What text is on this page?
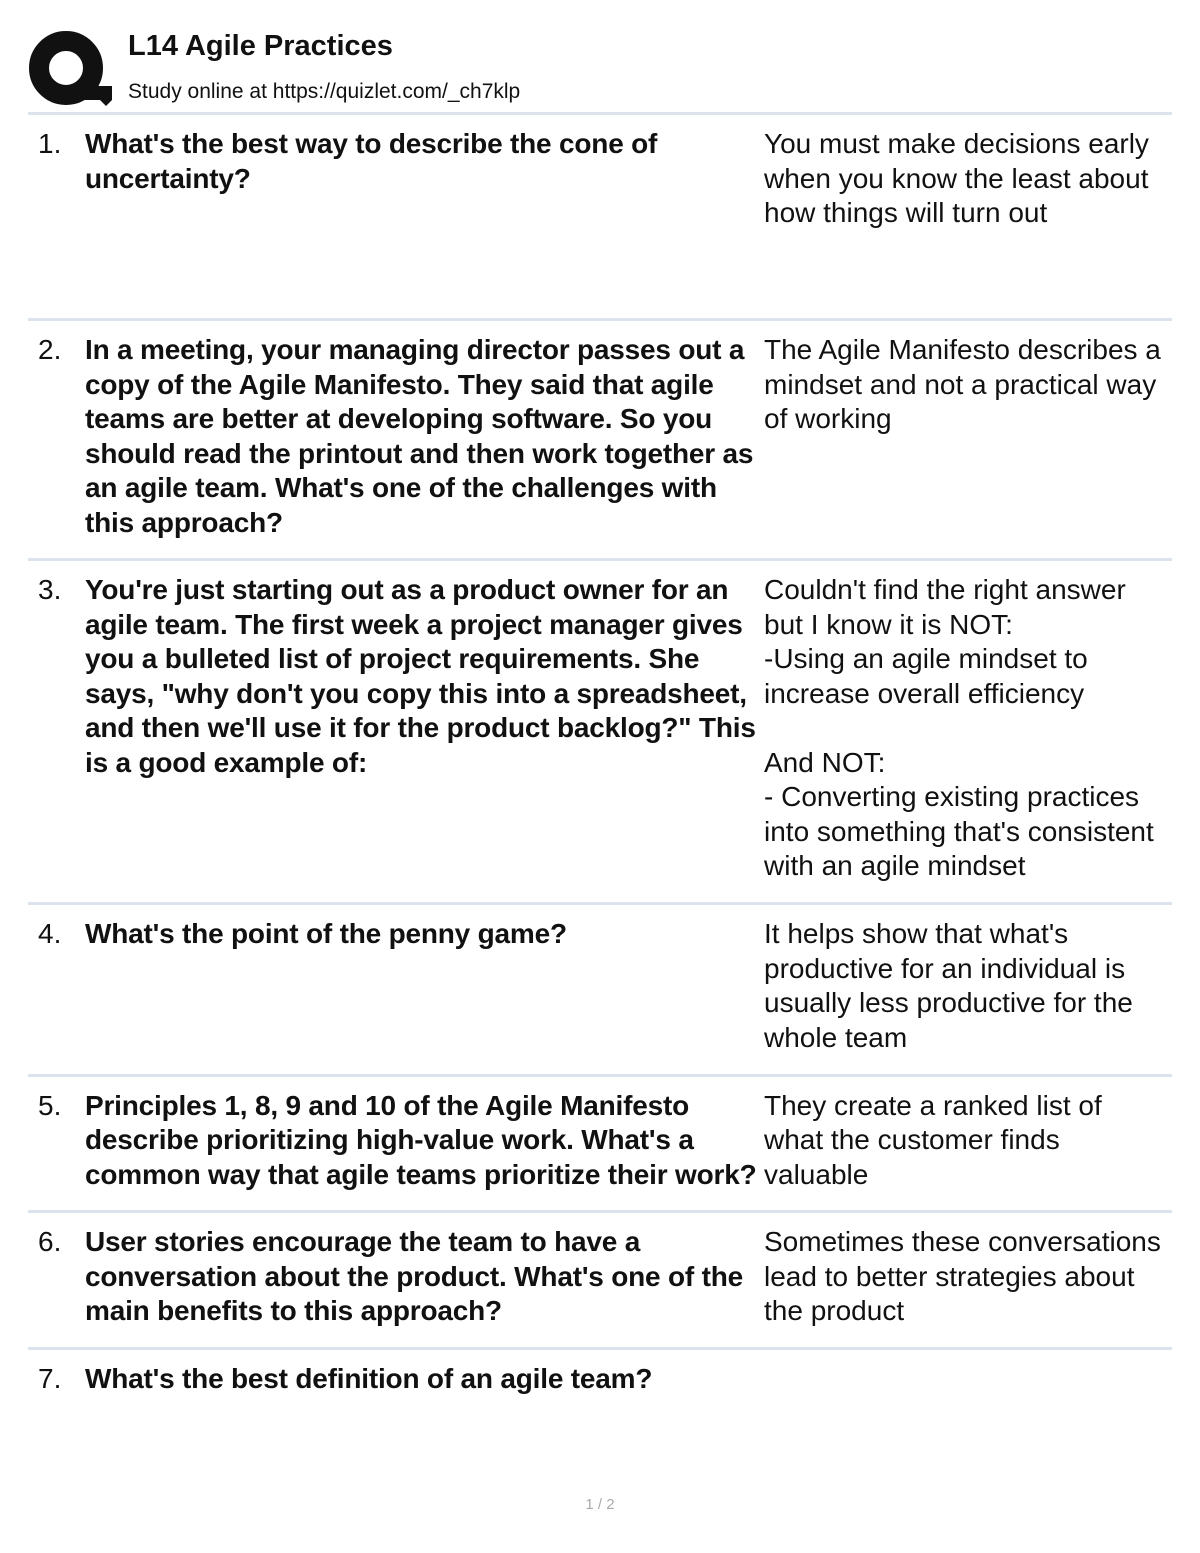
L14 Agile Practices
Study online at https://quizlet.com/_ch7klp
1. What's the best way to describe the cone of uncertainty?
You must make decisions early when you know the least about how things will turn out
2. In a meeting, your managing director passes out a copy of the Agile Manifesto. They said that agile teams are better at developing software. So you should read the printout and then work together as an agile team. What's one of the challenges with this approach?
The Agile Manifesto describes a mindset and not a practical way of working
3. You're just starting out as a product owner for an agile team. The first week a project manager gives you a bulleted list of project requirements. She says, "why don't you copy this into a spreadsheet, and then we'll use it for the product backlog?" This is a good example of:
Couldn't find the right answer but I know it is NOT:
-Using an agile mindset to increase overall efficiency

And NOT:
- Converting existing practices into something that's consistent with an agile mindset
4. What's the point of the penny game?	It helps show that what's productive for an individual is usually less productive for the whole team
5. Principles 1, 8, 9 and 10 of the Agile Manifesto describe prioritizing high-value work. What's a common way that agile teams prioritize their work?
They create a ranked list of what the customer finds valuable
6. User stories encourage the team to have a conversation about the product. What's one of the main benefits to this approach?
Sometimes these conversations lead to better strategies about the product
7. What's the best definition of an agile team?
1 / 2
